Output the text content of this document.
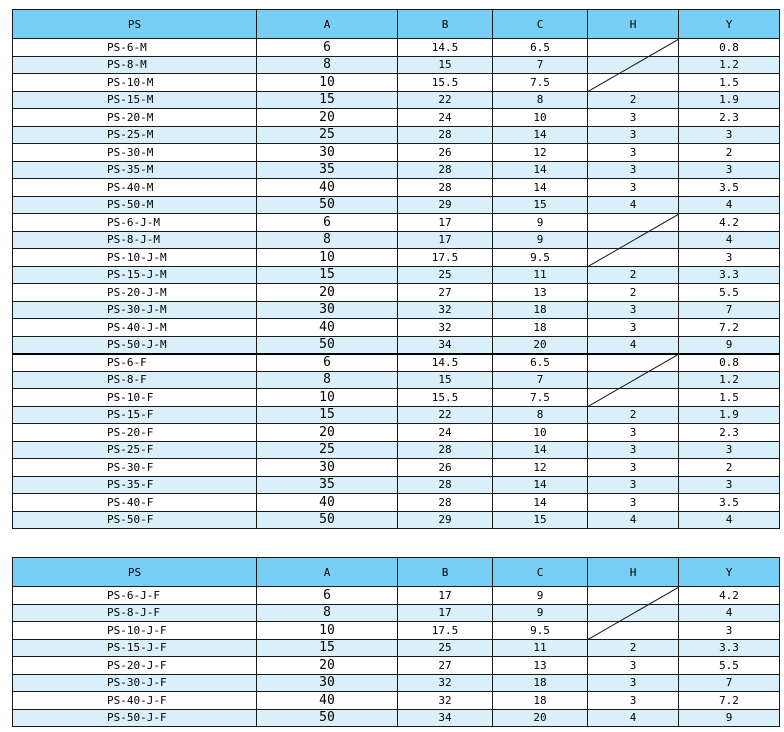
PS	A	B	C	H	Y
PS-6-M	6	14.5	6.5		0.8
PS-8-M	8	15	7		1.2
PS-10-M	10	15.5	7.5		1.5
PS-15-M	15	22	8	2	1.9
PS-20-M	20	24	10	3	2.3
PS-25-M	25	28	14	3	3
PS-30-M	30	26	12	3	2
PS-35-M	35	28	14	3	3
PS-40-M	40	28	14	3	3.5
PS-50-M	50	29	15	4	4
PS-6-J-M	6	17	9		4.2
PS-8-J-M	8	17	9		4
PS-10-J-M	10	17.5	9.5		3
PS-15-J-M	15	25	11	2	3.3
PS-20-J-M	20	27	13	2	5.5
PS-30-J-M	30	32	18	3	7
PS-40-J-M	40	32	18	3	7.2
PS-50-J-M	50	34	20	4	9
PS-6-F	6	14.5	6.5		0.8
PS-8-F	8	15	7		1.2
PS-10-F	10	15.5	7.5		1.5
PS-15-F	15	22	8	2	1.9
PS-20-F	20	24	10	3	2.3
PS-25-F	25	28	14	3	3
PS-30-F	30	26	12	3	2
PS-35-F	35	28	14	3	3
PS-40-F	40	28	14	3	3.5
PS-50-F	50	29	15	4	4
PS	A	B	C	H	Y
PS-6-J-F	6	17	9		4.2
PS-8-J-F	8	17	9		4
PS-10-J-F	10	17.5	9.5		3
PS-15-J-F	15	25	11	2	3.3
PS-20-J-F	20	27	13	3	5.5
PS-30-J-F	30	32	18	3	7
PS-40-J-F	40	32	18	3	7.2
PS-50-J-F	50	34	20	4	9
